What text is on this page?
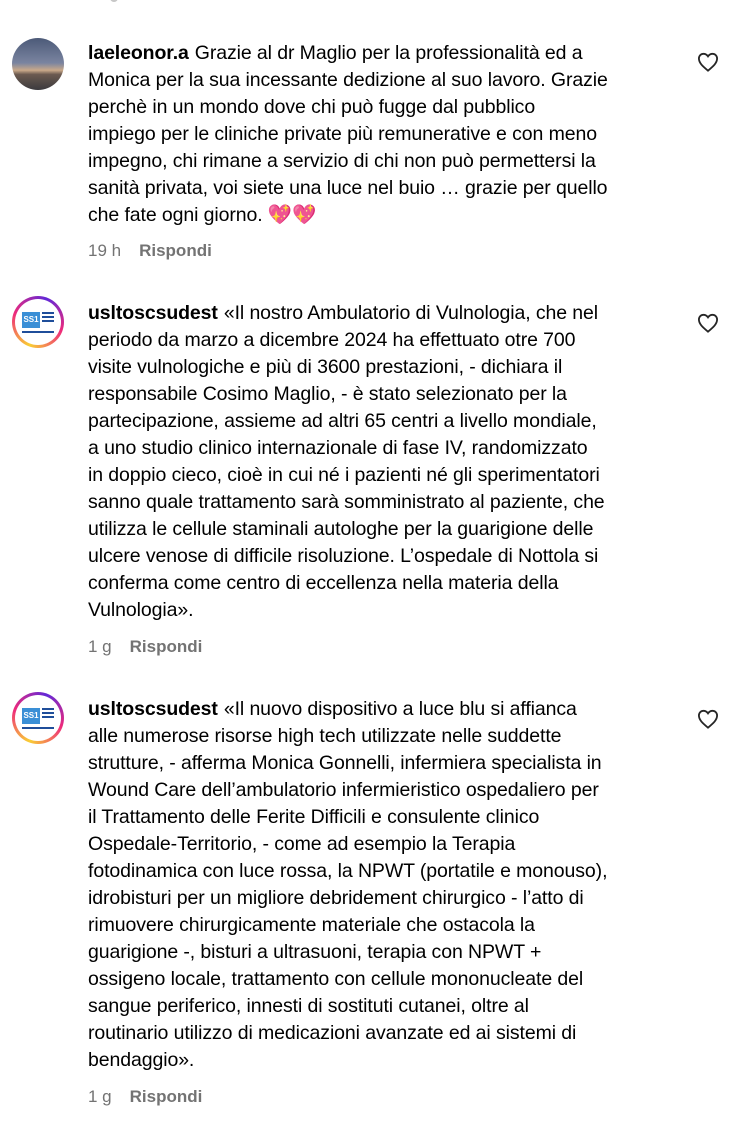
laeleonor.a Grazie al dr Maglio per la professionalità ed a
Monica per la sua incessante dedizione al suo lavoro. Grazie
perchè in un mondo dove chi può fugge dal pubblico
impiego per le cliniche private più remunerative e con meno
impegno, chi rimane a servizio di chi non può permettersi la
sanità privata, voi siete una luce nel buio … grazie per quello
che fate ogni giorno. 💖💖
19 h Rispondi
SS1	usltoscsudest «Il nostro Ambulatorio di Vulnologia, che nel
periodo da marzo a dicembre 2024 ha effettuato otre 700
visite vulnologiche e più di 3600 prestazioni, - dichiara il
responsabile Cosimo Maglio, - è stato selezionato per la
partecipazione, assieme ad altri 65 centri a livello mondiale,
a uno studio clinico internazionale di fase IV, randomizzato
in doppio cieco, cioè in cui né i pazienti né gli sperimentatori
sanno quale trattamento sarà somministrato al paziente, che
utilizza le cellule staminali autologhe per la guarigione delle
ulcere venose di difficile risoluzione. L’ospedale di Nottola si
conferma come centro di eccellenza nella materia della
Vulnologia».
1 g Rispondi
SS1	usltoscsudest «Il nuovo dispositivo a luce blu si affianca
alle numerose risorse high tech utilizzate nelle suddette
strutture, - afferma Monica Gonnelli, infermiera specialista in
Wound Care dell’ambulatorio infermieristico ospedaliero per
il Trattamento delle Ferite Difficili e consulente clinico
Ospedale-Territorio, - come ad esempio la Terapia
fotodinamica con luce rossa, la NPWT (portatile e monouso),
idrobisturi per un migliore debridement chirurgico - l’atto di
rimuovere chirurgicamente materiale che ostacola la
guarigione -, bisturi a ultrasuoni, terapia con NPWT +
ossigeno locale, trattamento con cellule mononucleate del
sangue periferico, innesti di sostituti cutanei, oltre al
routinario utilizzo di medicazioni avanzate ed ai sistemi di
bendaggio».
1 g Rispondi
